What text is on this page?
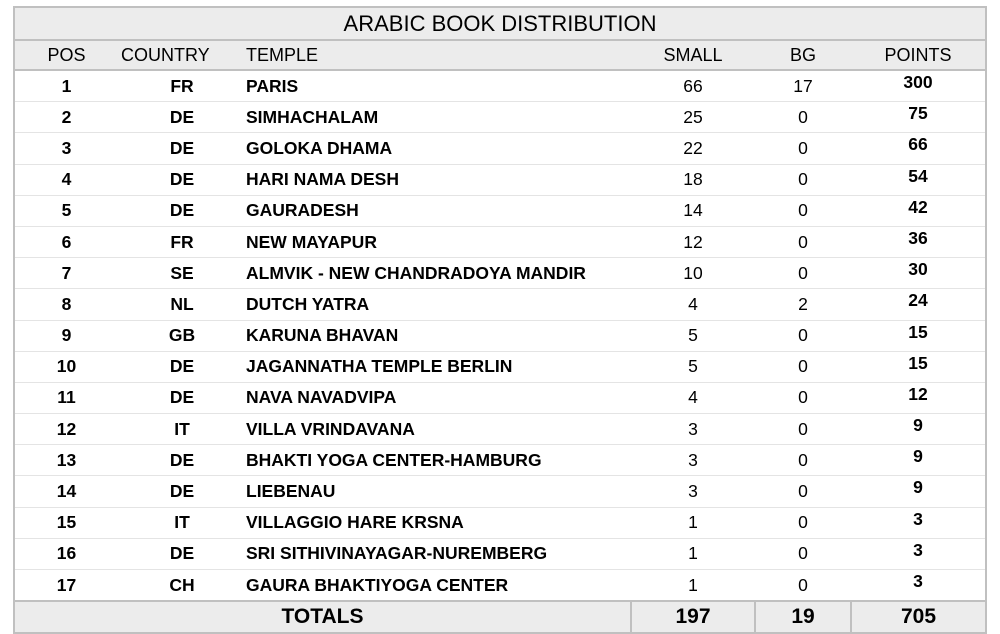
ARABIC BOOK DISTRIBUTION					
POS	COUNTRY	TEMPLE	SMALL	BG	POINTS
1	FR	PARIS	66	17	300
2	DE	SIMHACHALAM	25	0	75
3	DE	GOLOKA DHAMA	22	0	66
4	DE	HARI NAMA DESH	18	0	54
5	DE	GAURADESH	14	0	42
6	FR	NEW MAYAPUR	12	0	36
7	SE	ALMVIK - NEW CHANDRADOYA MANDIR	10	0	30
8	NL	DUTCH YATRA	4	2	24
9	GB	KARUNA BHAVAN	5	0	15
10	DE	JAGANNATHA TEMPLE BERLIN	5	0	15
11	DE	NAVA NAVADVIPA	4	0	12
12	IT	VILLA VRINDAVANA	3	0	9
13	DE	BHAKTI YOGA CENTER-HAMBURG	3	0	9
14	DE	LIEBENAU	3	0	9
15	IT	VILLAGGIO HARE KRSNA	1	0	3
16	DE	SRI SITHIVINAYAGAR-NUREMBERG	1	0	3
17	CH	GAURA BHAKTIYOGA CENTER	1	0	3
TOTALS			197	19	705
